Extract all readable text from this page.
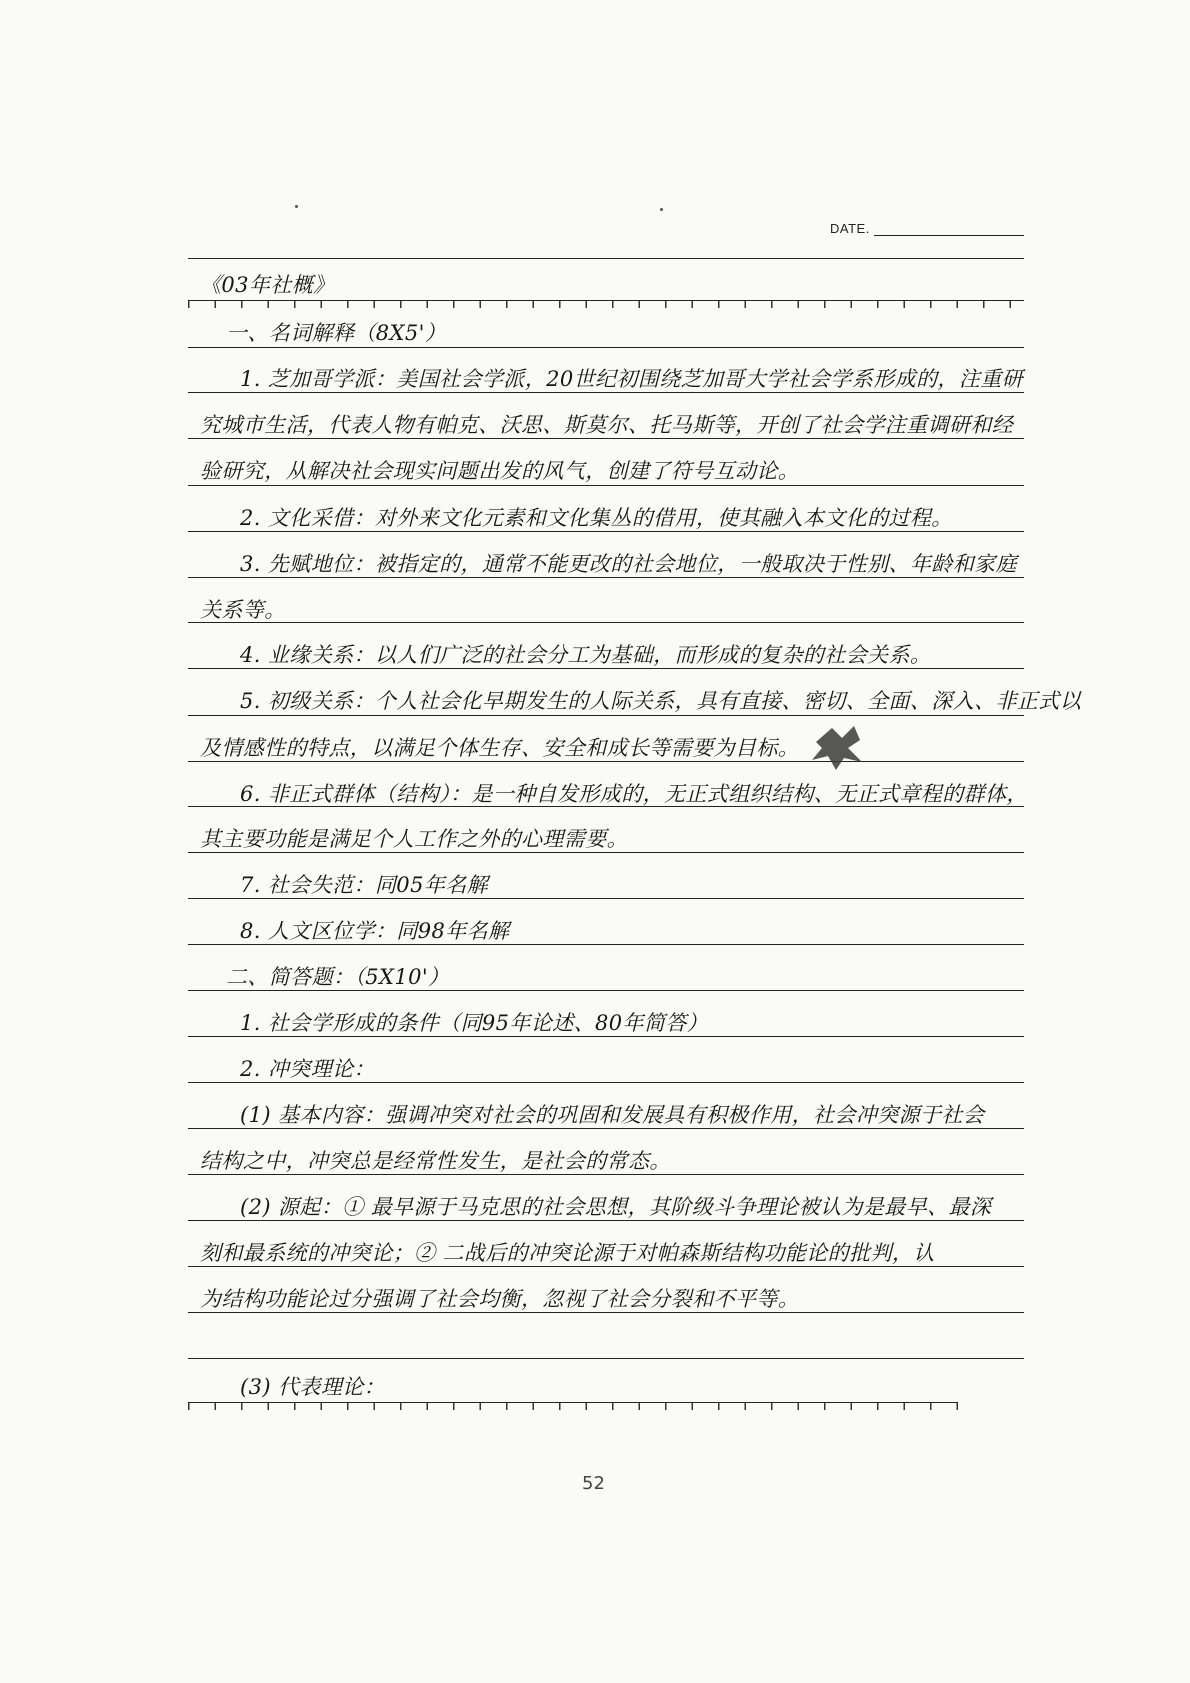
DATE.
《03年社概》
一、名词解释（8X5'）
1. 芝加哥学派：美国社会学派，20世纪初围绕芝加哥大学社会学系形成的，注重研
究城市生活，代表人物有帕克、沃思、斯莫尔、托马斯等，开创了社会学注重调研和经
验研究，从解决社会现实问题出发的风气，创建了符号互动论。
2. 文化采借：对外来文化元素和文化集丛的借用，使其融入本文化的过程。
3. 先赋地位：被指定的，通常不能更改的社会地位，一般取决于性别、年龄和家庭
关系等。
4. 业缘关系：以人们广泛的社会分工为基础，而形成的复杂的社会关系。
5. 初级关系：个人社会化早期发生的人际关系，具有直接、密切、全面、深入、非正式以
及情感性的特点，以满足个体生存、安全和成长等需要为目标。
6. 非正式群体（结构）：是一种自发形成的，无正式组织结构、无正式章程的群体，
其主要功能是满足个人工作之外的心理需要。
7. 社会失范：同05年名解
8. 人文区位学：同98年名解
二、简答题：（5X10'）
1. 社会学形成的条件（同95年论述、80年简答）
2. 冲突理论：
(1) 基本内容：强调冲突对社会的巩固和发展具有积极作用，社会冲突源于社会
结构之中，冲突总是经常性发生，是社会的常态。
(2) 源起：① 最早源于马克思的社会思想，其阶级斗争理论被认为是最早、最深
刻和最系统的冲突论；② 二战后的冲突论源于对帕森斯结构功能论的批判，认
为结构功能论过分强调了社会均衡，忽视了社会分裂和不平等。
(3) 代表理论：
52
